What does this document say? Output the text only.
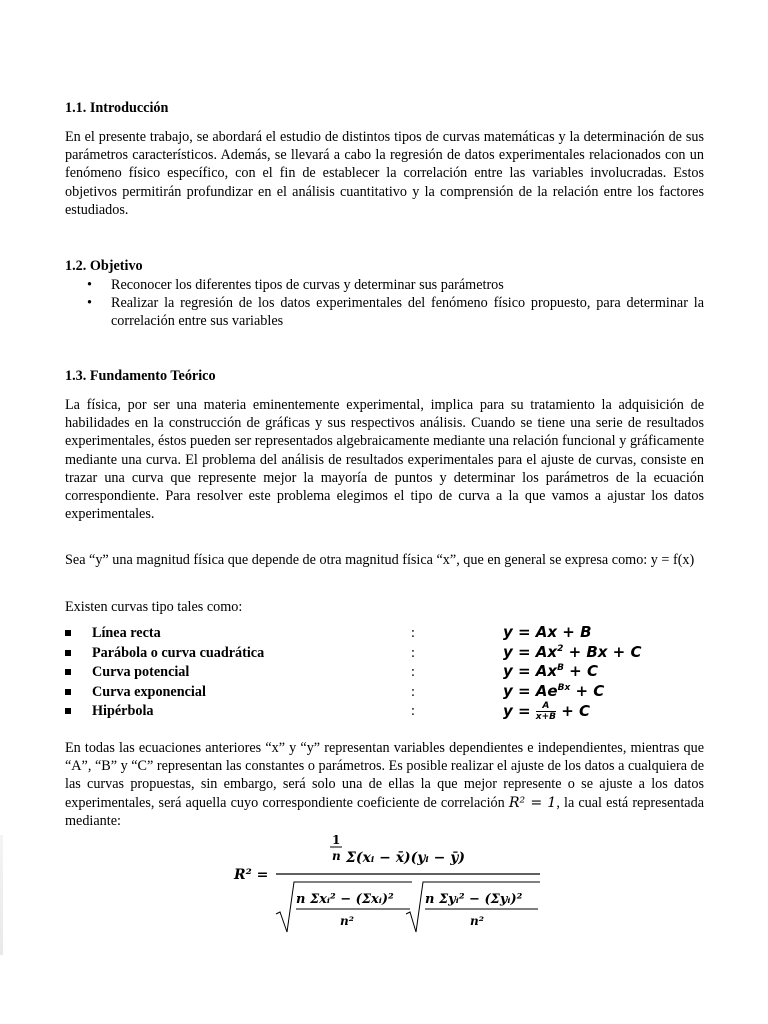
1.1. Introducción
En el presente trabajo, se abordará el estudio de distintos tipos de curvas matemáticas y la determinación de sus parámetros característicos. Además, se llevará a cabo la regresión de datos experimentales relacionados con un fenómeno físico específico, con el fin de establecer la correlación entre las variables involucradas. Estos objetivos permitirán profundizar en el análisis cuantitativo y la comprensión de la relación entre los factores estudiados.
1.2. Objetivo
• Reconocer los diferentes tipos de curvas y determinar sus parámetros
• Realizar la regresión de los datos experimentales del fenómeno físico propuesto, para determinar la correlación entre sus variables
1.3. Fundamento Teórico
La física, por ser una materia eminentemente experimental, implica para su tratamiento la adquisición de habilidades en la construcción de gráficas y sus respectivos análisis. Cuando se tiene una serie de resultados experimentales, éstos pueden ser representados algebraicamente mediante una relación funcional y gráficamente mediante una curva. El problema del análisis de resultados experimentales para el ajuste de curvas, consiste en trazar una curva que represente mejor la mayoría de puntos y determinar los parámetros de la ecuación correspondiente. Para resolver este problema elegimos el tipo de curva a la que vamos a ajustar los datos experimentales.
Sea “y” una magnitud física que depende de otra magnitud física “x”, que en general se expresa como: y = f(x)
Existen curvas tipo tales como:
Línea recta	:	y = Ax + B
Parábola o curva cuadrática	:	$y = Ax^2 + Bx + C$
Curva potencial	:	$y = Ax^B + C$
Curva exponencial	:	$y = Ae^{Bx} + C$
Hipérbola	:	$y = \frac{A}{x+B} + C$
En todas las ecuaciones anteriores “x” y “y” representan variables dependientes e independientes, mientras que “A”, “B” y “C” representan las constantes o parámetros. Es posible realizar el ajuste de los datos a cualquiera de las curvas propuestas, sin embargo, será solo una de ellas la que mejor represente o se ajuste a los datos experimentales, será aquella cuyo correspondiente coeficiente de correlación R² = 1, la cual está representada mediante:
R² =
1
n Σ(xᵢ − x̄)(yᵢ − ȳ)
n Σxᵢ² − (Σxᵢ)²
n²
n Σyᵢ² − (Σyᵢ)²
n²
